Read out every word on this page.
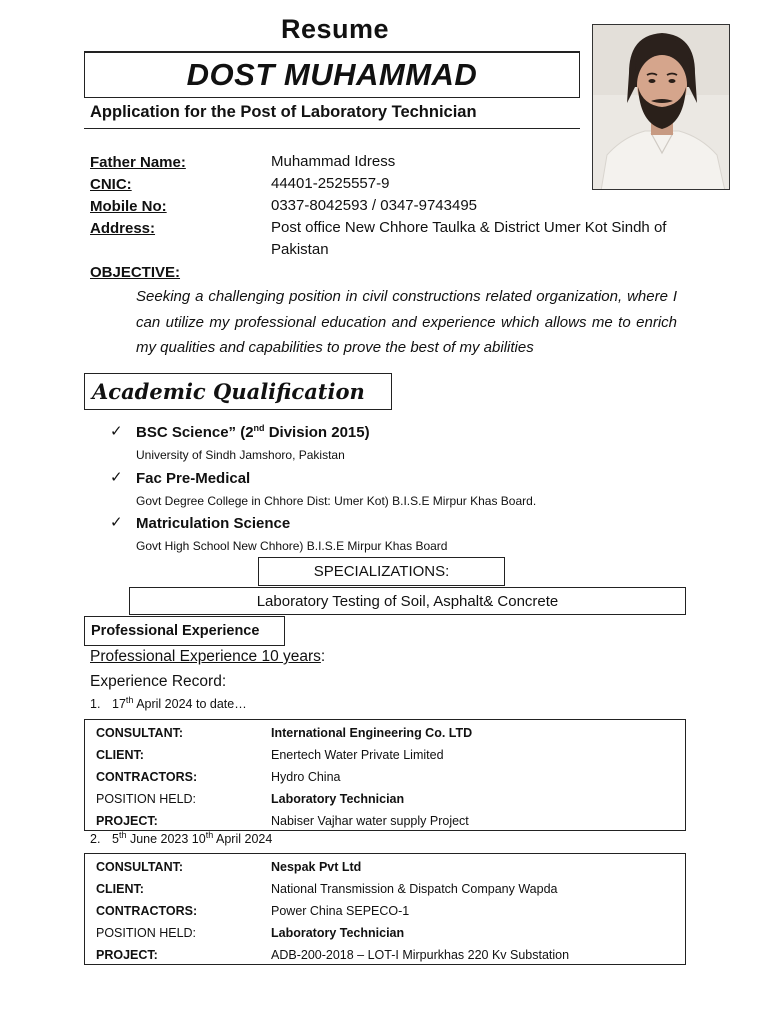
Resume
DOST MUHAMMAD
Application for the Post of Laboratory Technician
Father Name:	Muhammad Idress
CNIC:	44401-2525557-9
Mobile No:	0337-8042593 / 0347-9743495
Address:	Post office New Chhore Taulka & District Umer Kot Sindh of Pakistan
OBJECTIVE:
Seeking a challenging position in civil constructions related organization, where I can utilize my professional education and experience which allows me to enrich my qualities and capabilities to prove the best of my abilities
Academic Qualification
✓ BSC Science” (2nd Division 2015)
University of Sindh Jamshoro, Pakistan
✓ Fac Pre-Medical
Govt Degree College in Chhore Dist: Umer Kot) B.I.S.E Mirpur Khas Board.
✓ Matriculation Science
Govt High School New Chhore) B.I.S.E Mirpur Khas Board
SPECIALIZATIONS:
Laboratory Testing of Soil, Asphalt& Concrete
Professional Experience
Professional Experience 10 years:
Experience Record:
1. 17th April 2024 to date…
CONSULTANT:	International Engineering Co. LTD
CLIENT:	Enertech Water Private Limited
CONTRACTORS:	Hydro China
POSITION HELD:	Laboratory Technician
PROJECT:	Nabiser Vajhar water supply Project
2. 5th June 2023 10th April 2024
CONSULTANT:	Nespak Pvt Ltd
CLIENT:	National Transmission & Dispatch Company Wapda
CONTRACTORS:	Power China SEPECO-1
POSITION HELD:	Laboratory Technician
PROJECT:	ADB-200-2018 – LOT-I Mirpurkhas 220 Kv Substation
